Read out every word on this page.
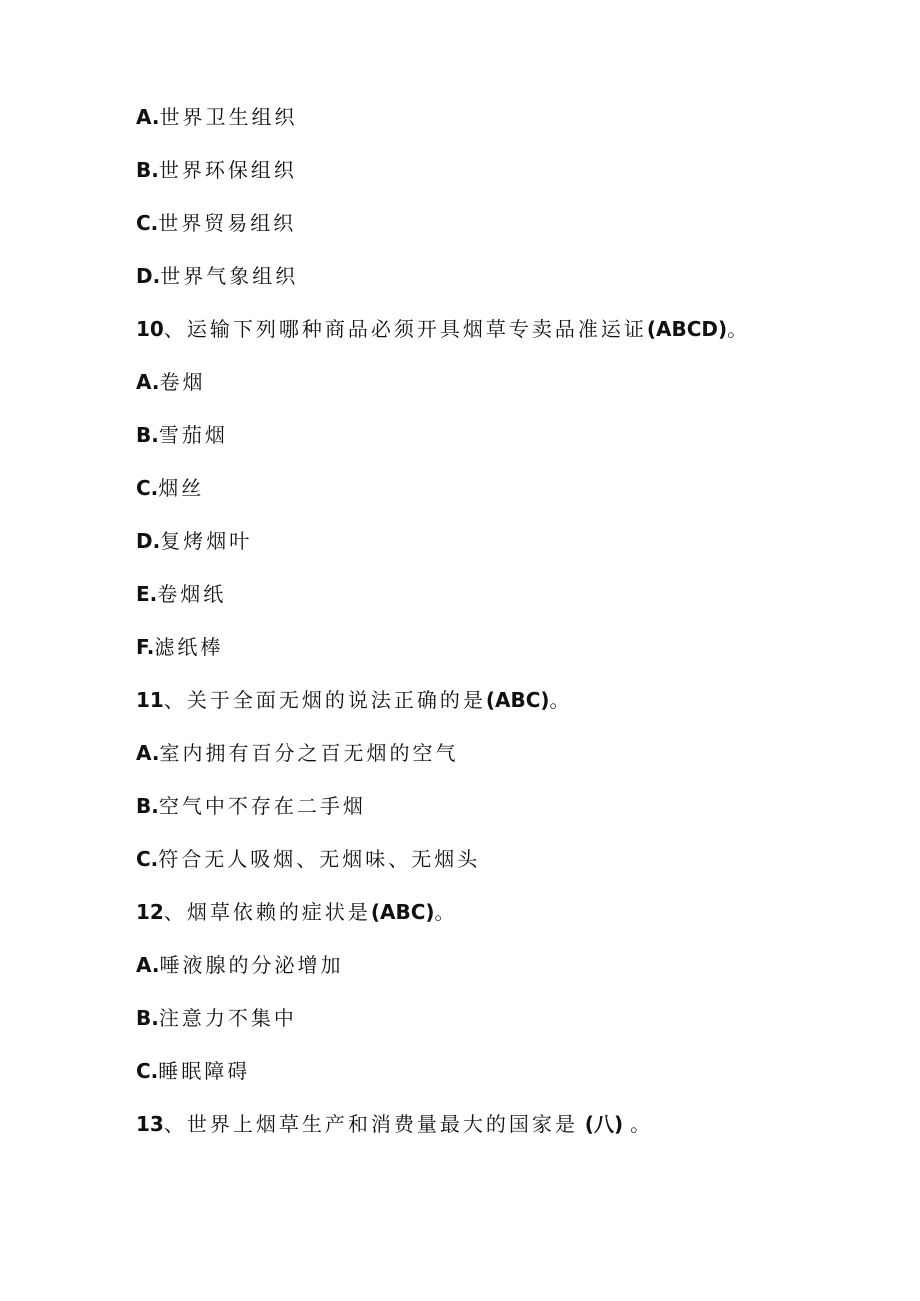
A.世界卫生组织
B.世界环保组织
C.世界贸易组织
D.世界气象组织
10、运输下列哪种商品必须开具烟草专卖品准运证(ABCD)。
A.卷烟
B.雪茄烟
C.烟丝
D.复烤烟叶
E.卷烟纸
F.滤纸棒
11、关于全面无烟的说法正确的是(ABC)。
A.室内拥有百分之百无烟的空气
B.空气中不存在二手烟
C.符合无人吸烟、无烟味、无烟头
12、烟草依赖的症状是(ABC)。
A.唾液腺的分泌增加
B.注意力不集中
C.睡眠障碍
13、世界上烟草生产和消费量最大的国家是 (八) 。
